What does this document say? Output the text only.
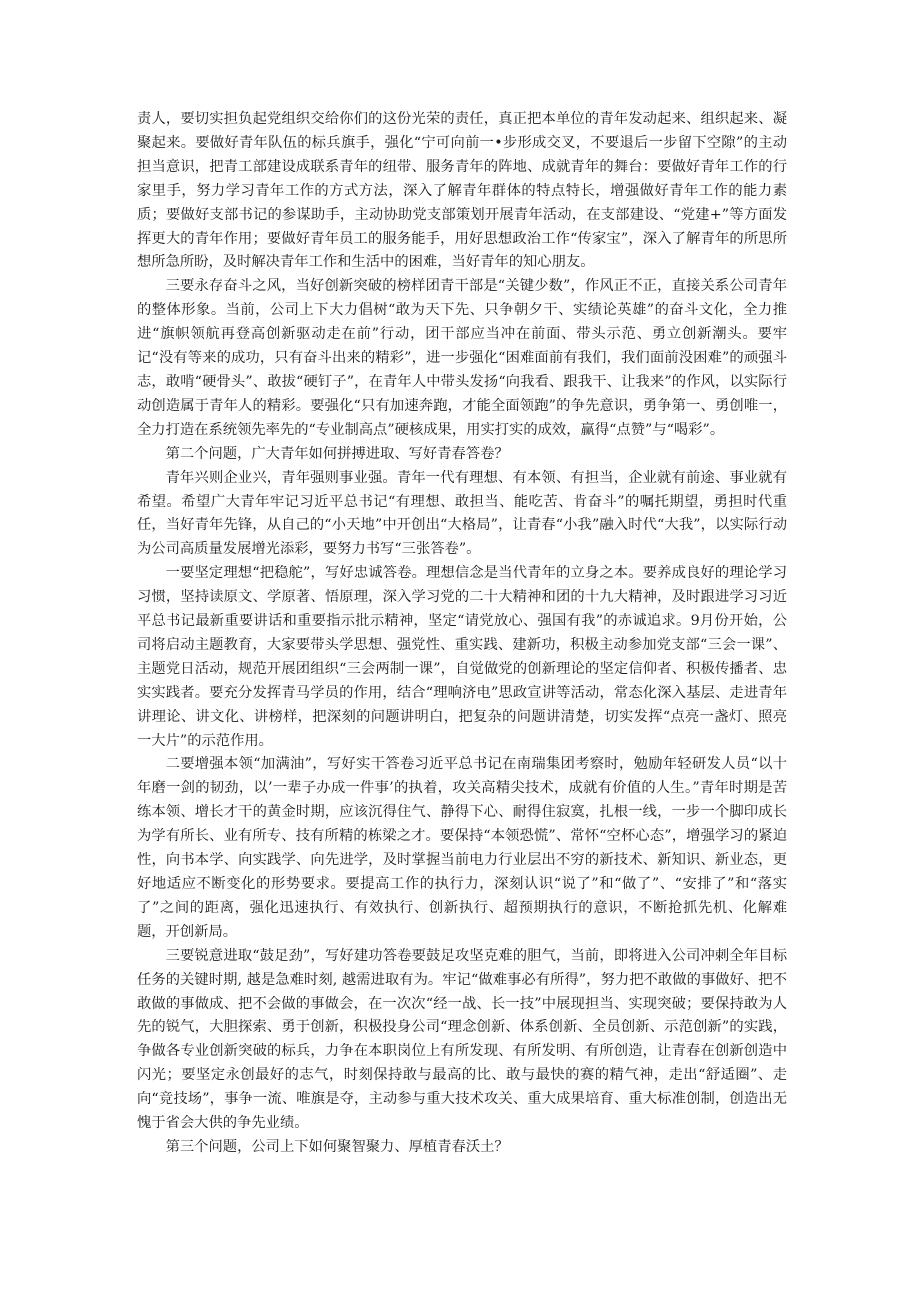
责人，要切实担负起党组织交给你们的这份光荣的责任，真正把本单位的青年发动起来、组织起来、凝聚起来。要做好青年队伍的标兵旗手，强化“宁可向前一•步形成交叉，不要退后一步留下空隙”的主动担当意识，把青工部建设成联系青年的纽带、服务青年的阵地、成就青年的舞台：要做好青年工作的行家里手，努力学习青年工作的方式方法，深入了解青年群体的特点特长，增强做好青年工作的能力素质；要做好支部书记的参谋助手，主动协助党支部策划开展青年活动，在支部建设、“党建+”等方面发挥更大的青年作用；要做好青年员工的服务能手，用好思想政治工作“传家宝”，深入了解青年的所思所想所急所盼，及时解决青年工作和生活中的困难，当好青年的知心朋友。

三要永存奋斗之风，当好创新突破的榜样团青干部是“关键少数”，作风正不正，直接关系公司青年的整体形象。当前，公司上下大力倡树“敢为天下先、只争朝夕干、实绩论英雄”的奋斗文化，全力推进“旗帜领航再登高创新驱动走在前”行动，团干部应当冲在前面、带头示范、勇立创新潮头。要牢记“没有等来的成功，只有奋斗出来的精彩”，进一步强化“困难面前有我们，我们面前没困难”的顽强斗志，敢啃“硬骨头”、敢拔“硬钉子”，在青年人中带头发扬“向我看、跟我干、让我来”的作风，以实际行动创造属于青年人的精彩。要强化“只有加速奔跑，才能全面领跑”的争先意识，勇争第一、勇创唯一，全力打造在系统领先率先的“专业制高点”硬核成果，用实打实的成效，赢得“点赞”与“喝彩”。

第二个问题，广大青年如何拼搏进取、写好青春答卷？

青年兴则企业兴，青年强则事业强。青年一代有理想、有本领、有担当，企业就有前途、事业就有希望。希望广大青年牢记习近平总书记“有理想、敢担当、能吃苦、肯奋斗”的嘱托期望，勇担时代重任，当好青年先锋，从自己的“小天地”中开创出“大格局”，让青春“小我”融入时代“大我”，以实际行动为公司高质量发展增光添彩，要努力书写“三张答卷”。

一要坚定理想“把稳舵”，写好忠诚答卷。理想信念是当代青年的立身之本。要养成良好的理论学习习惯，坚持读原文、学原著、悟原理，深入学习党的二十大精神和团的十九大精神，及时跟进学习习近平总书记最新重要讲话和重要指示批示精神，坚定“请党放心、强国有我”的赤诚追求。9月份开始，公司将启动主题教育，大家要带头学思想、强党性、重实践、建新功，积极主动参加党支部“三会一课”、主题党日活动，规范开展团组织“三会两制一课”，自觉做党的创新理论的坚定信仰者、积极传播者、忠实实践者。要充分发挥青马学员的作用，结合“理响济电”思政宣讲等活动，常态化深入基层、走进青年讲理论、讲文化、讲榜样，把深刻的问题讲明白，把复杂的问题讲清楚，切实发挥“点亮一盏灯、照亮一大片”的示范作用。

二要增强本领“加满油”，写好实干答卷习近平总书记在南瑞集团考察时，勉励年轻研发人员“以十年磨一剑的韧劲，以’一辈子办成一件事’的执着，攻关高精尖技术，成就有价值的人生。”青年时期是苦练本领、增长才干的黄金时期，应该沉得住气、静得下心、耐得住寂寞，扎根一线，一步一个脚印成长为学有所长、业有所专、技有所精的栋梁之才。要保持“本领恐慌”、常怀“空杯心态”，增强学习的紧迫性，向书本学、向实践学、向先进学，及时掌握当前电力行业层出不穷的新技术、新知识、新业态，更好地适应不断变化的形势要求。要提高工作的执行力，深刻认识“说了”和“做了”、“安排了”和“落实了”之间的距离，强化迅速执行、有效执行、创新执行、超预期执行的意识，不断抢抓先机、化解难题，开创新局。

三要锐意进取“鼓足劲”，写好建功答卷要鼓足攻坚克难的胆气，当前，即将进入公司冲刺全年目标任务的关键时期, 越是急难时刻, 越需进取有为。牢记“做难事必有所得”，努力把不敢做的事做好、把不敢做的事做成、把不会做的事做会，在一次次“经一战、长一技”中展现担当、实现突破；要保持敢为人先的锐气，大胆探索、勇于创新，积极投身公司“理念创新、体系创新、全员创新、示范创新”的实践，争做各专业创新突破的标兵，力争在本职岗位上有所发现、有所发明、有所创造，让青春在创新创造中闪光；要坚定永创最好的志气，时刻保持敢与最高的比、敢与最快的赛的精气神，走出“舒适圈”、走向“竞技场”，事争一流、唯旗是夺，主动参与重大技术攻关、重大成果培育、重大标准创制，创造出无愧于省会大供的争先业绩。

第三个问题，公司上下如何聚智聚力、厚植青春沃土？
